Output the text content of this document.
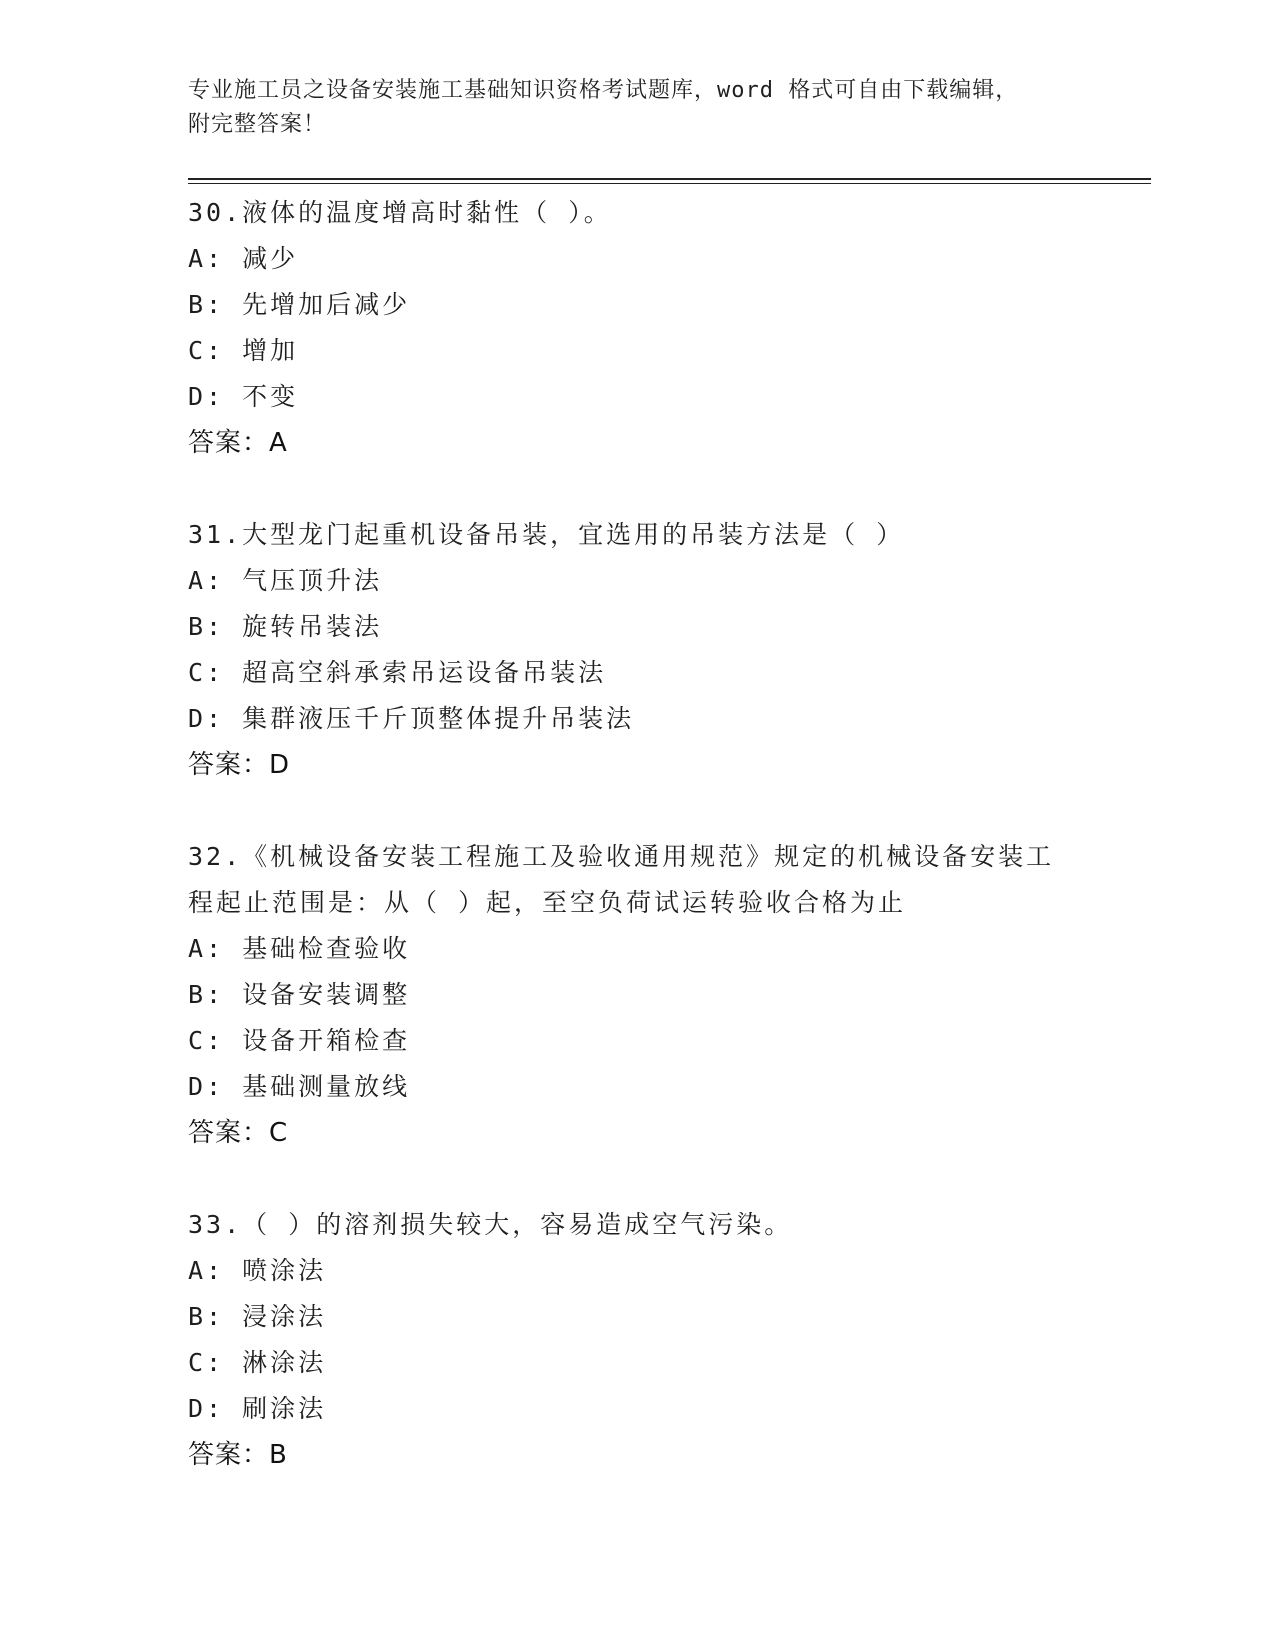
专业施工员之设备安装施工基础知识资格考试题库，word 格式可自由下载编辑，
附完整答案！
30.液体的温度增高时黏性（ ）。
A: 减少
B: 先增加后减少
C: 增加
D: 不变
答案：A
31.大型龙门起重机设备吊装，宜选用的吊装方法是（ ）
A: 气压顶升法
B: 旋转吊装法
C: 超高空斜承索吊运设备吊装法
D: 集群液压千斤顶整体提升吊装法
答案：D
32.《机械设备安装工程施工及验收通用规范》规定的机械设备安装工程起止范围是：从（ ）起，至空负荷试运转验收合格为止
A: 基础检查验收
B: 设备安装调整
C: 设备开箱检查
D: 基础测量放线
答案：C
33.（ ）的溶剂损失较大，容易造成空气污染。
A: 喷涂法
B: 浸涂法
C: 淋涂法
D: 刷涂法
答案：B
